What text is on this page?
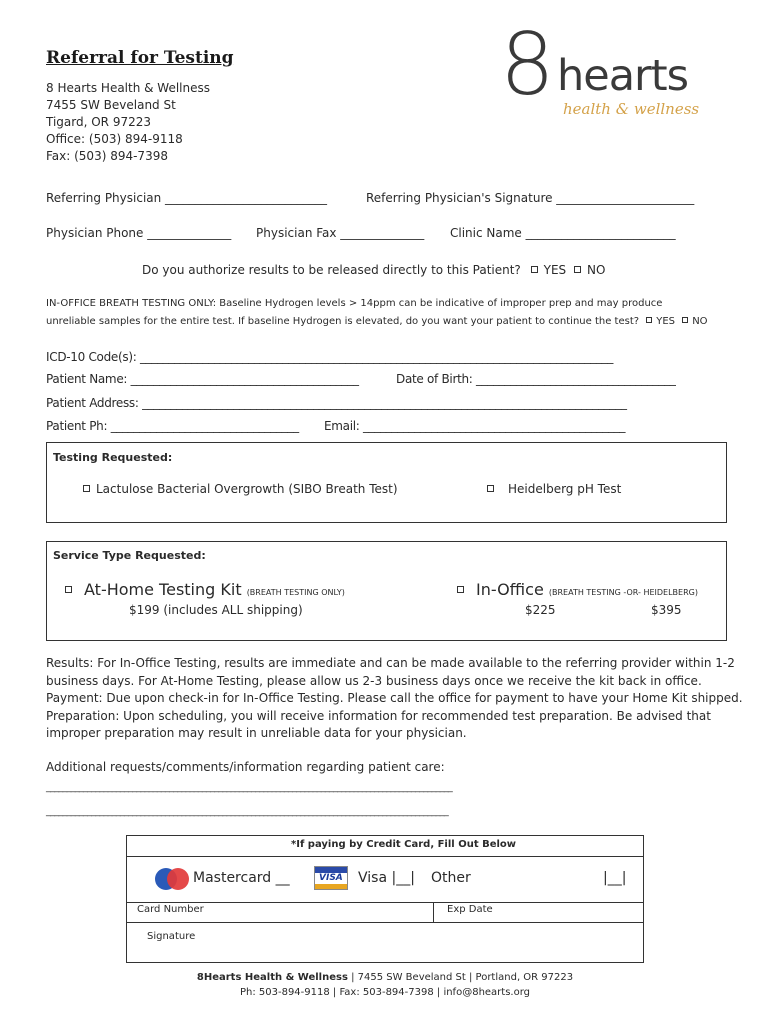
Referral for Testing
8 Hearts Health & Wellness
7455 SW Beveland St
Tigard, OR 97223
Office: (503) 894-9118
Fax: (503) 894-7398
8 hearts
health & wellness
Referring Physician ___________________________	Referring Physician's Signature _______________________
Physician Phone ______________ Physician Fax ______________ Clinic Name _________________________
Do you authorize results to be released directly to this Patient? YES NO
IN-OFFICE BREATH TESTING ONLY: Baseline Hydrogen levels > 14ppm can be indicative of improper prep and may produce
unreliable samples for the entire test. If baseline Hydrogen is elevated, do you want your patient to continue the test? YES NO
ICD-10 Code(s): ___________________________________________________________________________________
Patient Name: ________________________________________	Date of Birth: ___________________________________
Patient Address: _____________________________________________________________________________________
Patient Ph: _________________________________ Email: ______________________________________________
Testing Requested:
Lactulose Bacterial Overgrowth (SIBO Breath Test)	Heidelberg pH Test
Service Type Requested:
At-Home Testing Kit (BREATH TESTING ONLY)
$199 (includes ALL shipping)
In-Office (BREATH TESTING -OR- HEIDELBERG)
$225	$395
Results: For In-Office Testing, results are immediate and can be made available to the referring provider within 1-2
business days. For At-Home Testing, please allow us 2-3 business days once we receive the kit back in office.
Payment: Due upon check-in for In-Office Testing. Please call the office for payment to have your Home Kit shipped.
Preparation: Upon scheduling, you will receive information for recommended test preparation. Be advised that
improper preparation may result in unreliable data for your physician.
Additional requests/comments/information regarding patient care:
___________________________________________________________________________________________________
__________________________________________________________________________________________________
*If paying by Credit Card, Fill Out Below
Mastercard __	VISA Visa |__| Other	|__|
Card Number	Exp Date
Signature
8Hearts Health & Wellness | 7455 SW Beveland St | Portland, OR 97223
Ph: 503-894-9118 | Fax: 503-894-7398 | info@8hearts.org
